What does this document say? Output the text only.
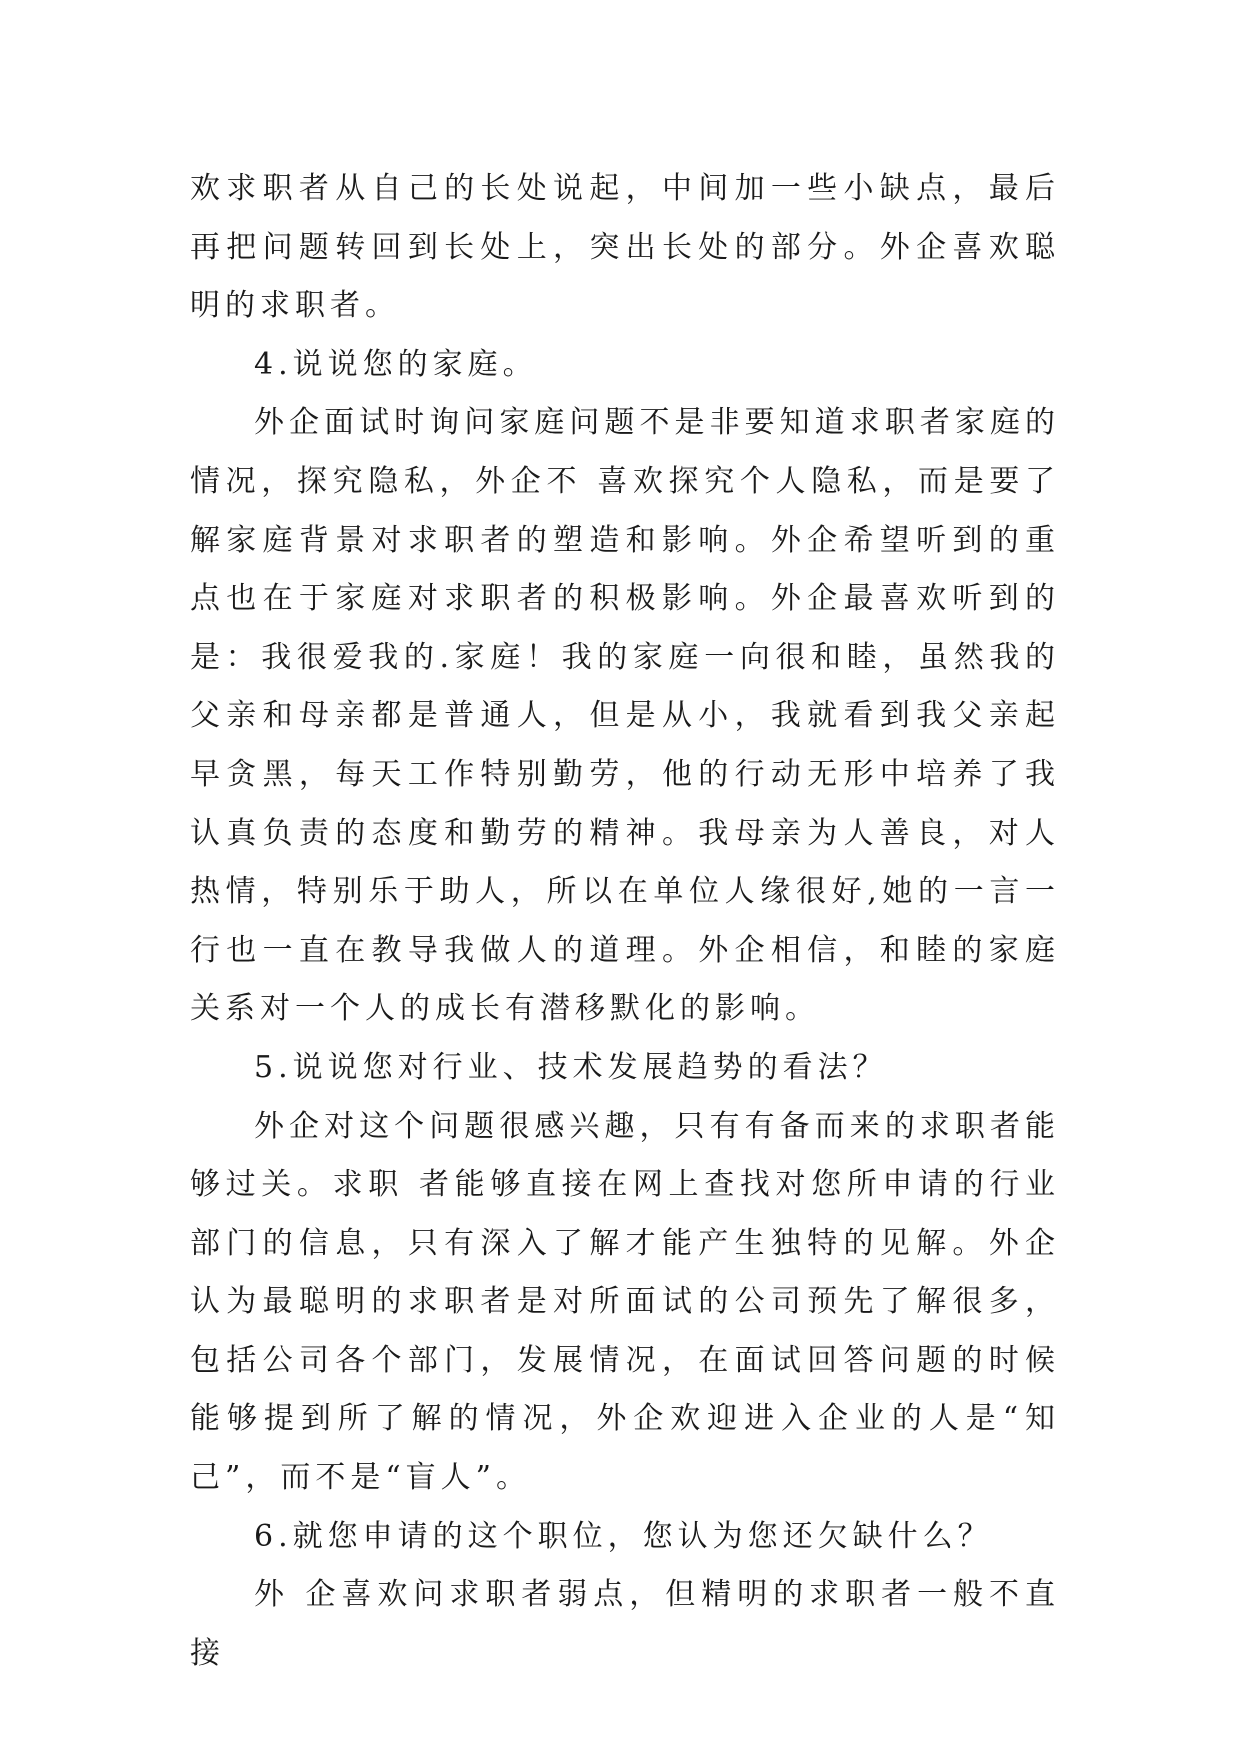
欢求职者从自己的长处说起，中间加一些小缺点，最后再把问题转回到长处上，突出长处的部分。外企喜欢聪明的求职者。

4.说说您的家庭。

外企面试时询问家庭问题不是非要知道求职者家庭的情况，探究隐私，外企不 喜欢探究个人隐私，而是要了解家庭背景对求职者的塑造和影响。外企希望听到的重点也在于家庭对求职者的积极影响。外企最喜欢听到的是：我很爱我的.家庭！我的家庭一向很和睦，虽然我的父亲和母亲都是普通人，但是从小，我就看到我父亲起早贪黑，每天工作特别勤劳，他的行动无形中培养了我认真负责的态度和勤劳的精神。我母亲为人善良，对人热情，特别乐于助人，所以在单位人缘很好,她的一言一行也一直在教导我做人的道理。外企相信，和睦的家庭关系对一个人的成长有潜移默化的影响。

5.说说您对行业、技术发展趋势的看法？

外企对这个问题很感兴趣，只有有备而来的求职者能够过关。求职 者能够直接在网上查找对您所申请的行业部门的信息，只有深入了解才能产生独特的见解。外企认为最聪明的求职者是对所面试的公司预先了解很多，包括公司各个部门，发展情况，在面试回答问题的时候能够提到所了解的情况，外企欢迎进入企业的人是“知己”，而不是“盲人”。

6.就您申请的这个职位，您认为您还欠缺什么？

外 企喜欢问求职者弱点，但精明的求职者一般不直接
